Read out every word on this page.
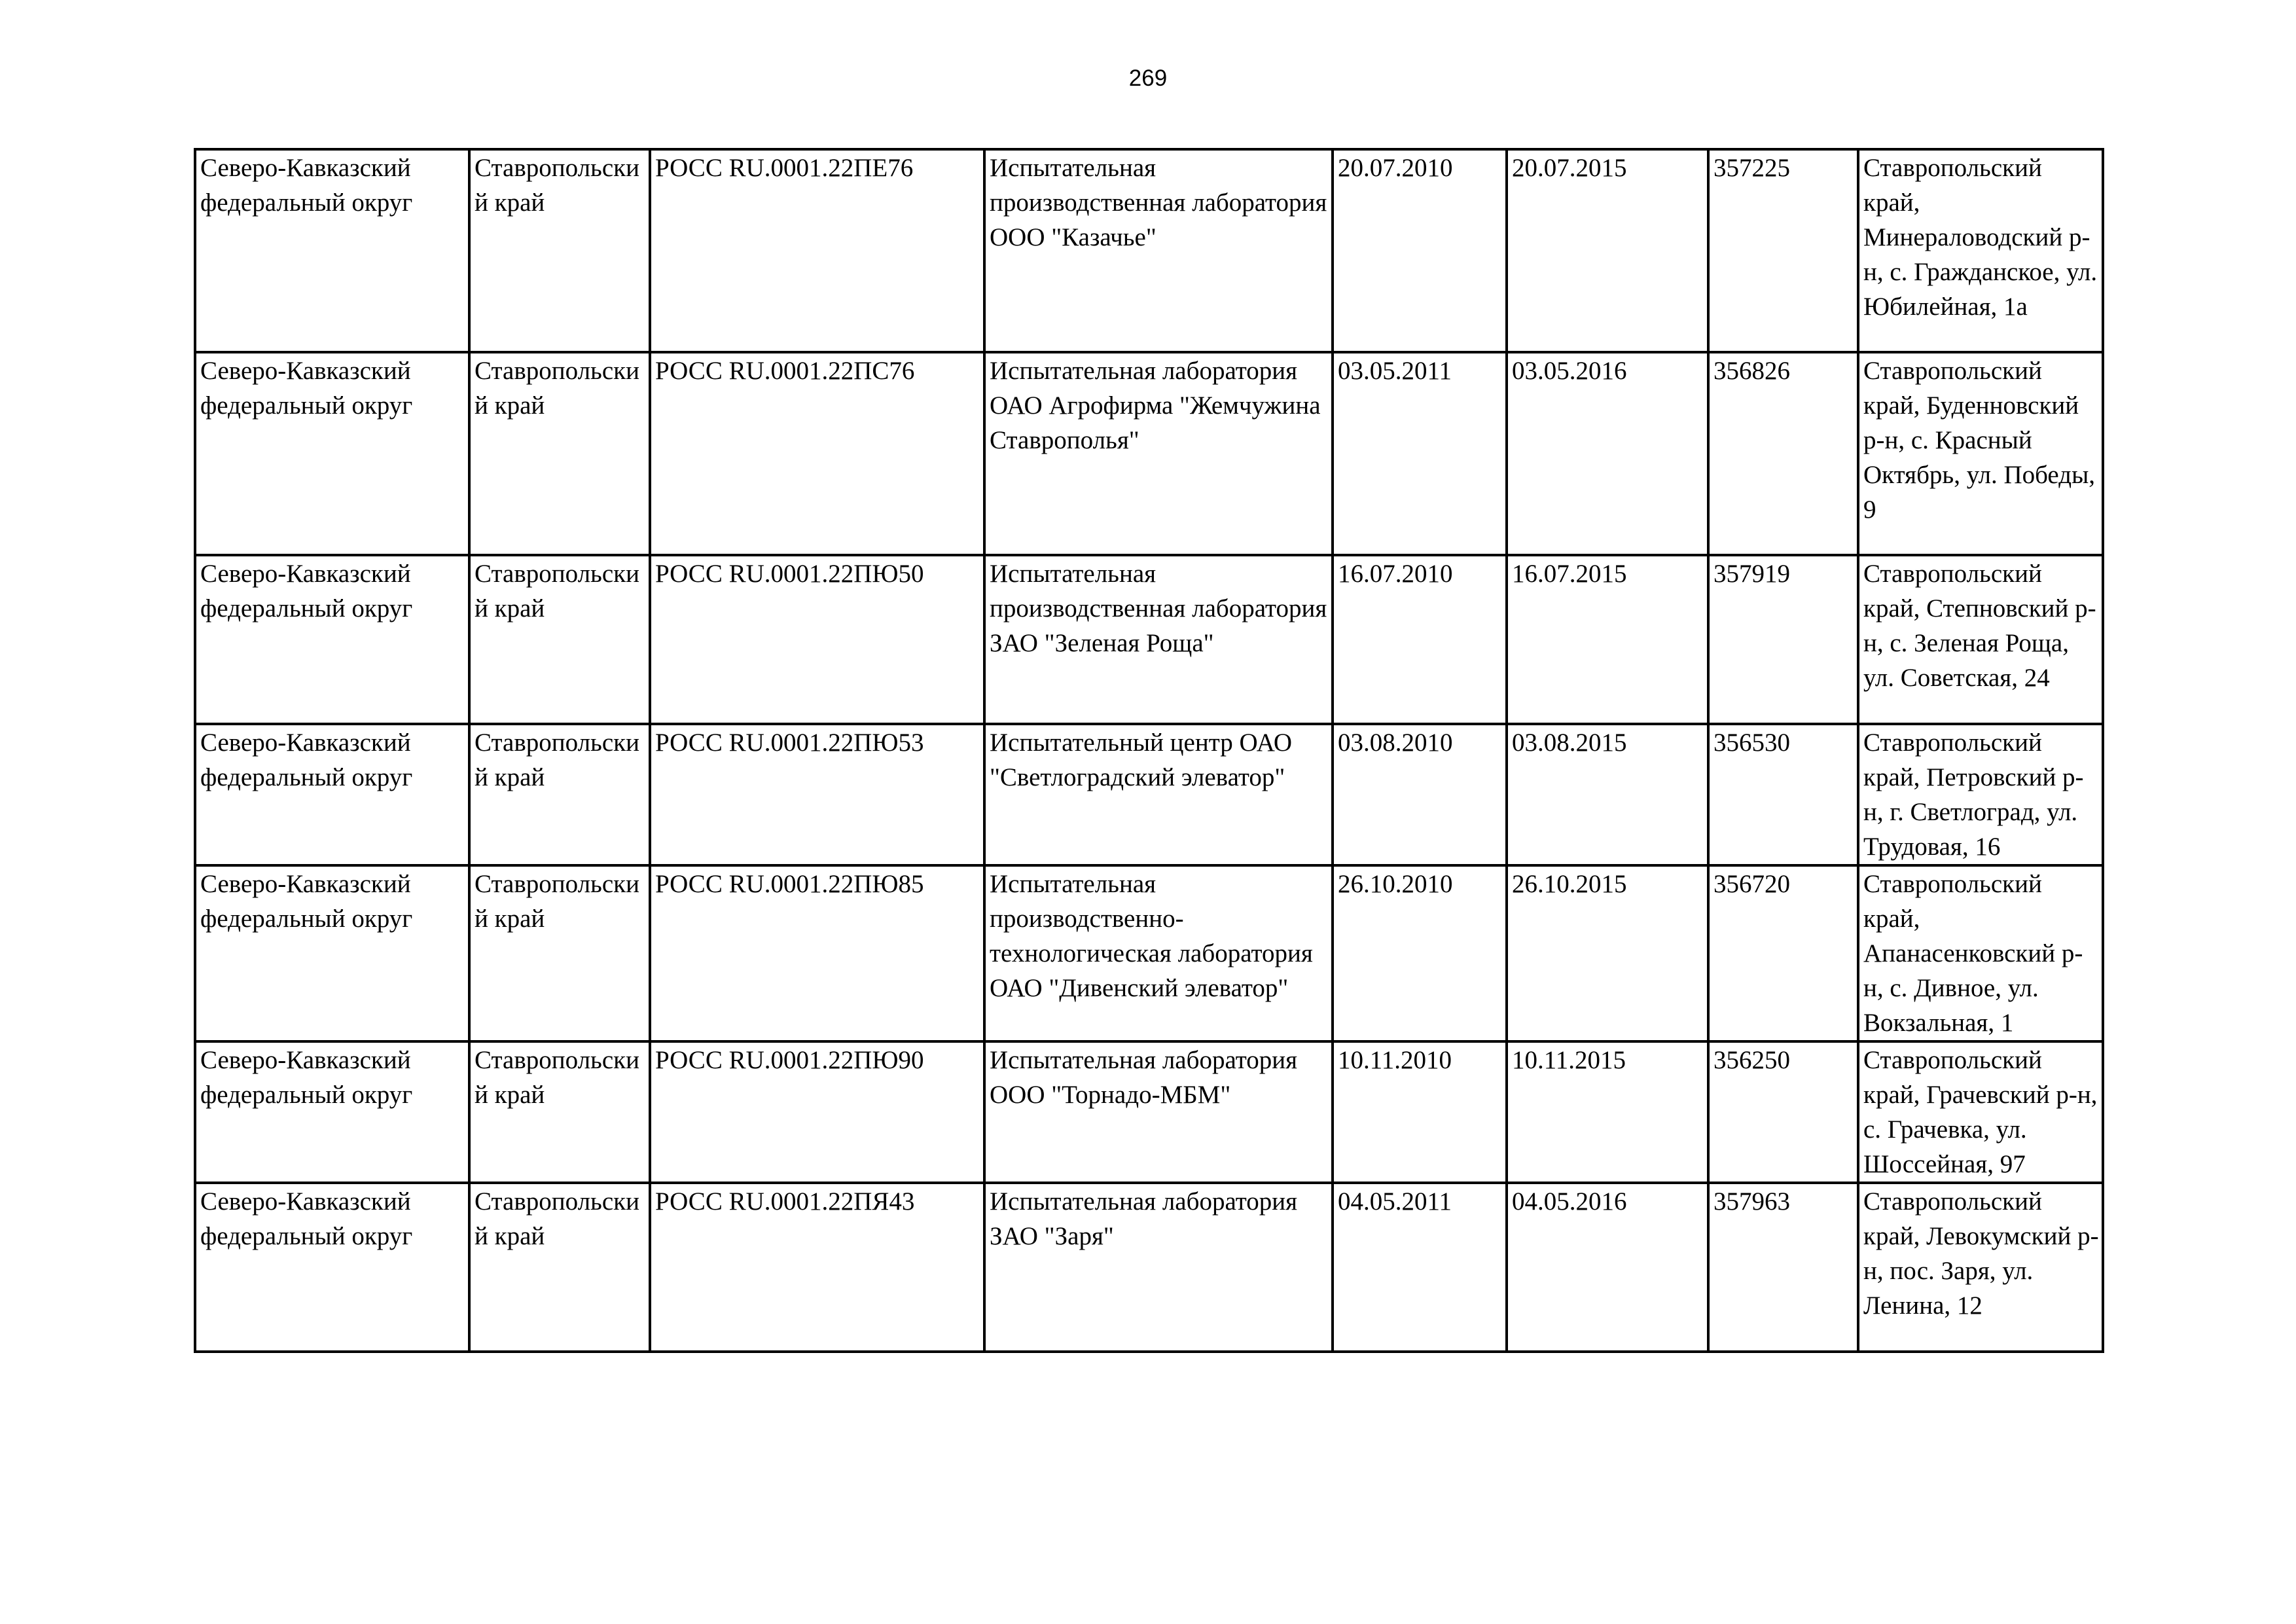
269
Северо-Кавказский федеральный округ	Ставропольский край	РОСС RU.0001.22ПЕ76	Испытательная производственная лаборатория ООО "Казачье"	20.07.2010	20.07.2015	357225	Ставропольский край, Минераловодский р-н, с. Гражданское, ул. Юбилейная, 1а
Северо-Кавказский федеральный округ	Ставропольский край	РОСС RU.0001.22ПС76	Испытательная лаборатория ОАО Агрофирма "Жемчужина Ставрополья"	03.05.2011	03.05.2016	356826	Ставропольский край, Буденновский р-н, с. Красный Октябрь, ул. Победы, 9
Северо-Кавказский федеральный округ	Ставропольский край	РОСС RU.0001.22ПЮ50	Испытательная производственная лаборатория ЗАО "Зеленая Роща"	16.07.2010	16.07.2015	357919	Ставропольский край, Степновский р-н, с. Зеленая Роща, ул. Советская, 24
Северо-Кавказский федеральный округ	Ставропольский край	РОСС RU.0001.22ПЮ53	Испытательный центр ОАО "Светлоградский элеватор"	03.08.2010	03.08.2015	356530	Ставропольский край, Петровский р-н, г. Светлоград, ул. Трудовая, 16
Северо-Кавказский федеральный округ	Ставропольский край	РОСС RU.0001.22ПЮ85	Испытательная производственно-технологическая лаборатория ОАО "Дивенский элеватор"	26.10.2010	26.10.2015	356720	Ставропольский край, Апанасенковский р-н, с. Дивное, ул. Вокзальная, 1
Северо-Кавказский федеральный округ	Ставропольский край	РОСС RU.0001.22ПЮ90	Испытательная лаборатория ООО "Торнадо-МБМ"	10.11.2010	10.11.2015	356250	Ставропольский край, Грачевский р-н, с. Грачевка, ул. Шоссейная, 97
Северо-Кавказский федеральный округ	Ставропольский край	РОСС RU.0001.22ПЯ43	Испытательная лаборатория ЗАО "Заря"	04.05.2011	04.05.2016	357963	Ставропольский край, Левокумский р-н, пос. Заря, ул. Ленина, 12
